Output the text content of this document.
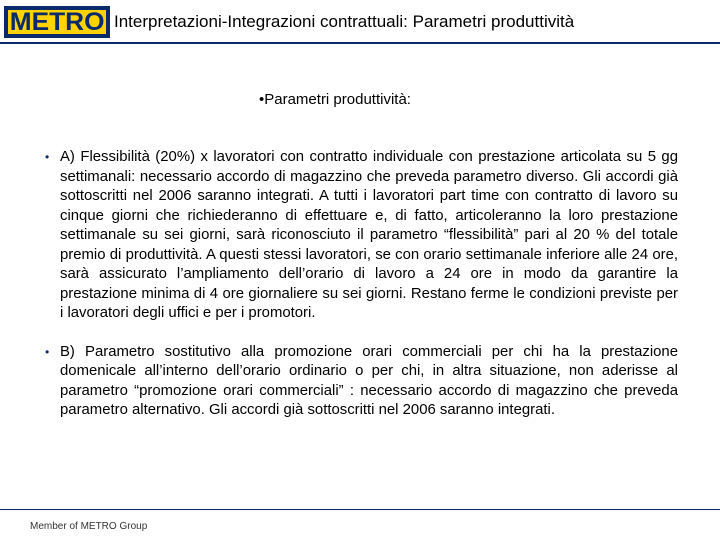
METRO Interpretazioni-Integrazioni contrattuali: Parametri produttività
•Parametri produttività:
• A) Flessibilità (20%) x lavoratori con contratto individuale con prestazione articolata su 5 gg settimanali: necessario accordo di magazzino che preveda parametro diverso. Gli accordi già sottoscritti nel 2006 saranno integrati. A tutti i lavoratori part time con contratto di lavoro su cinque giorni che richiederanno di effettuare e, di fatto, articoleranno la loro prestazione settimanale su sei giorni, sarà riconosciuto il parametro “flessibilità” pari al 20 % del totale premio di produttività. A questi stessi lavoratori, se con orario settimanale inferiore alle 24 ore, sarà assicurato l’ampliamento dell’orario di lavoro a 24 ore in modo da garantire la prestazione minima di 4 ore giornaliere su sei giorni. Restano ferme le condizioni previste per i lavoratori degli uffici e per i promotori.
• B) Parametro sostitutivo alla promozione orari commerciali per chi ha la prestazione domenicale all’interno dell’orario ordinario o per chi, in altra situazione, non aderisse al parametro “promozione orari commerciali” : necessario accordo di magazzino che preveda parametro alternativo. Gli accordi già sottoscritti nel 2006 saranno integrati.
Member of METRO Group
